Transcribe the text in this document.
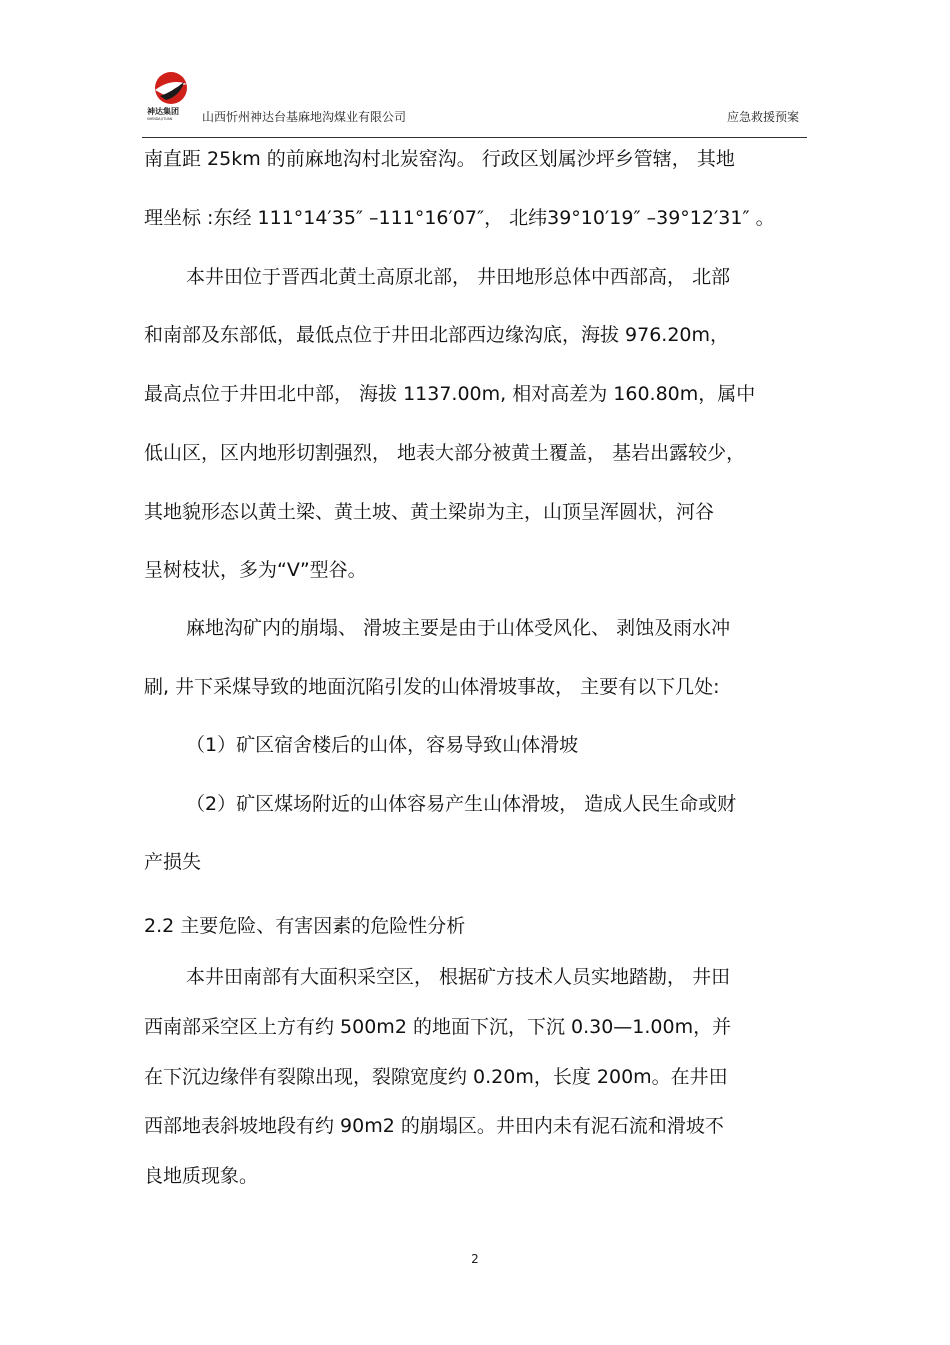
神达集团
SHENDA JITUAN 山西忻州神达台基麻地沟煤业有限公司	应急救援预案
南直距 25km 的前麻地沟村北炭窑沟。 行政区划属沙坪乡管辖， 其地
理坐标 :东经 111°14′35″ –111°16′07″， 北纬39°10′19″ –39°12′31″ 。
本井田位于晋西北黄土高原北部， 井田地形总体中西部高， 北部
和南部及东部低，最低点位于井田北部西边缘沟底，海拔 976.20m，
最高点位于井田北中部， 海拔 1137.00m, 相对高差为 160.80m，属中
低山区，区内地形切割强烈， 地表大部分被黄土覆盖， 基岩出露较少，
其地貌形态以黄土梁、黄土坡、黄土梁峁为主，山顶呈浑圆状，河谷
呈树枝状，多为“V”型谷。
麻地沟矿内的崩塌、 滑坡主要是由于山体受风化、 剥蚀及雨水冲
刷, 井下采煤导致的地面沉陷引发的山体滑坡事故， 主要有以下几处:
（1）矿区宿舍楼后的山体，容易导致山体滑坡
（2）矿区煤场附近的山体容易产生山体滑坡， 造成人民生命或财
产损失
2.2 主要危险、有害因素的危险性分析
本井田南部有大面积采空区， 根据矿方技术人员实地踏勘， 井田
西南部采空区上方有约 500m2 的地面下沉，下沉 0.30—1.00m，并
在下沉边缘伴有裂隙出现，裂隙宽度约 0.20m，长度 200m。在井田
西部地表斜坡地段有约 90m2 的崩塌区。井田内未有泥石流和滑坡不
良地质现象。
2
